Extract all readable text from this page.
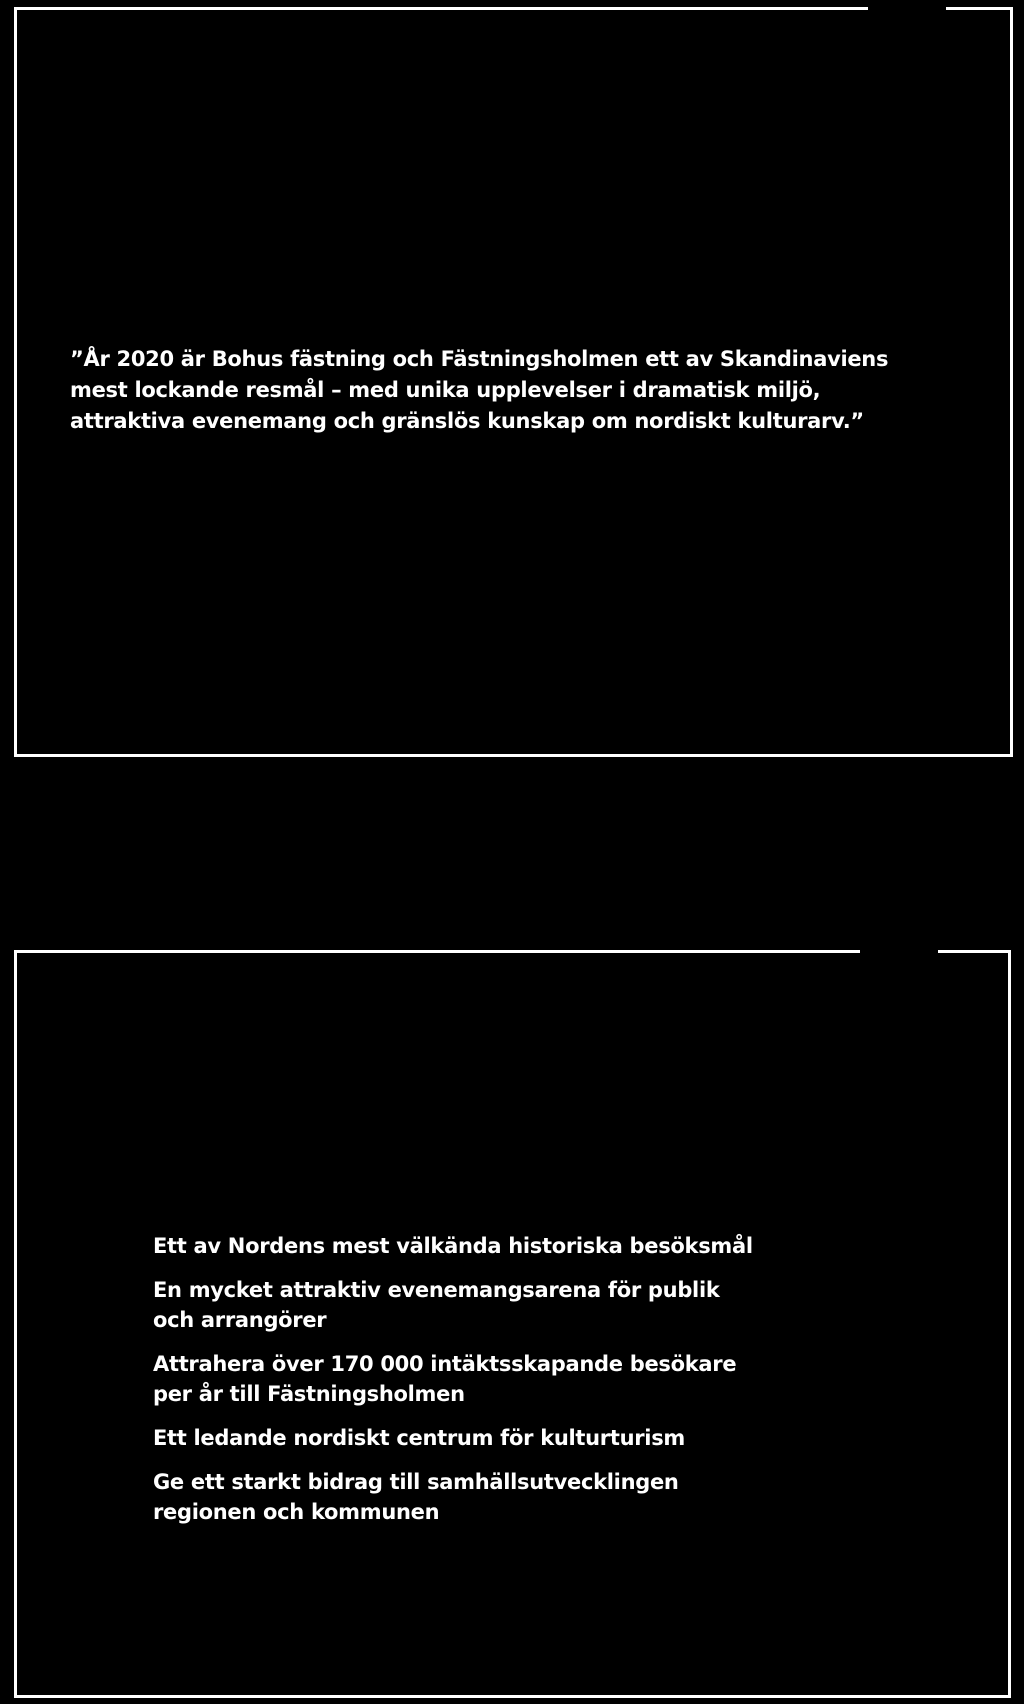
”År 2020 är Bohus fästning och Fästningsholmen ett av Skandinaviens
mest lockande resmål – med unika upplevelser i dramatisk miljö,
attraktiva evenemang och gränslös kunskap om nordiskt kulturarv.”

Ett av Nordens mest välkända historiska besöksmål
En mycket attraktiv evenemangsarena för publik
och arrangörer
Attrahera över 170 000 intäktsskapande besökare
per år till Fästningsholmen
Ett ledande nordiskt centrum för kulturturism
Ge ett starkt bidrag till samhällsutvecklingen
regionen och kommunen
